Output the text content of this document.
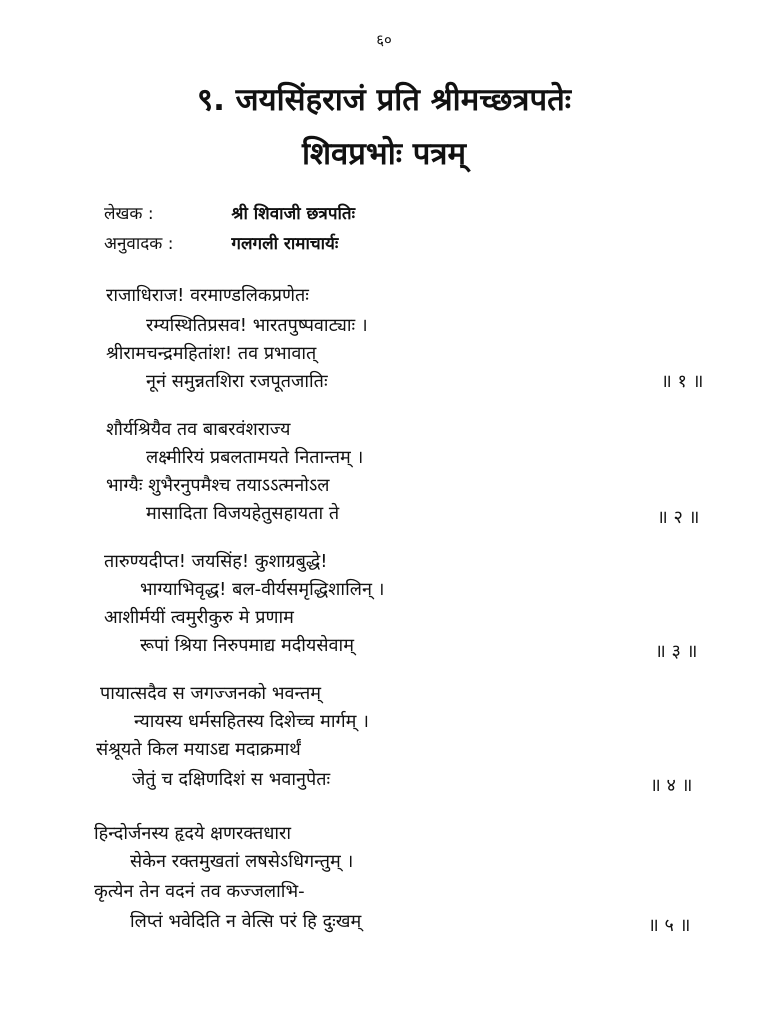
६०
९. जयसिंहराजं प्रति श्रीमच्छत्रपतेः
शिवप्रभोः पत्रम्
लेखक :	श्री शिवाजी छत्रपतिः
अनुवादक :	गलगली रामाचार्यः
राजाधिराज! वरमाण्डलिकप्रणेतः
रम्यस्थितिप्रसव! भारतपुष्पवाट्याः ।
श्रीरामचन्द्रमहितांश! तव प्रभावात्
नूनं समुन्नतशिरा रजपूतजातिः	॥ १ ॥
शौर्यश्रियैव तव बाबरवंशराज्य
लक्ष्मीरियं प्रबलतामयते नितान्तम् ।
भाग्यैः शुभैरनुपमैश्च तयाऽऽत्मनोऽल
मासादिता विजयहेतुसहायता ते	॥ २ ॥
तारुण्यदीप्त! जयसिंह! कुशाग्रबुद्धे!
भाग्याभिवृद्ध! बल-वीर्यसमृद्धिशालिन् ।
आशीर्मयीं त्वमुरीकुरु मे प्रणाम
रूपां श्रिया निरुपमाद्य मदीयसेवाम्	॥ ३ ॥
पायात्सदैव स जगज्जनको भवन्तम्
न्यायस्य धर्मसहितस्य दिशेच्च मार्गम् ।
संश्रूयते किल मयाऽद्य मदाक्रमार्थं
जेतुं च दक्षिणदिशं स भवानुपेतः	॥ ४ ॥
हिन्दोर्जनस्य हृदये क्षणरक्तधारा
सेकेन रक्तमुखतां लषसेऽधिगन्तुम् ।
कृत्येन तेन वदनं तव कज्जलाभि-
लिप्तं भवेदिति न वेत्सि परं हि दुःखम्	॥ ५ ॥
